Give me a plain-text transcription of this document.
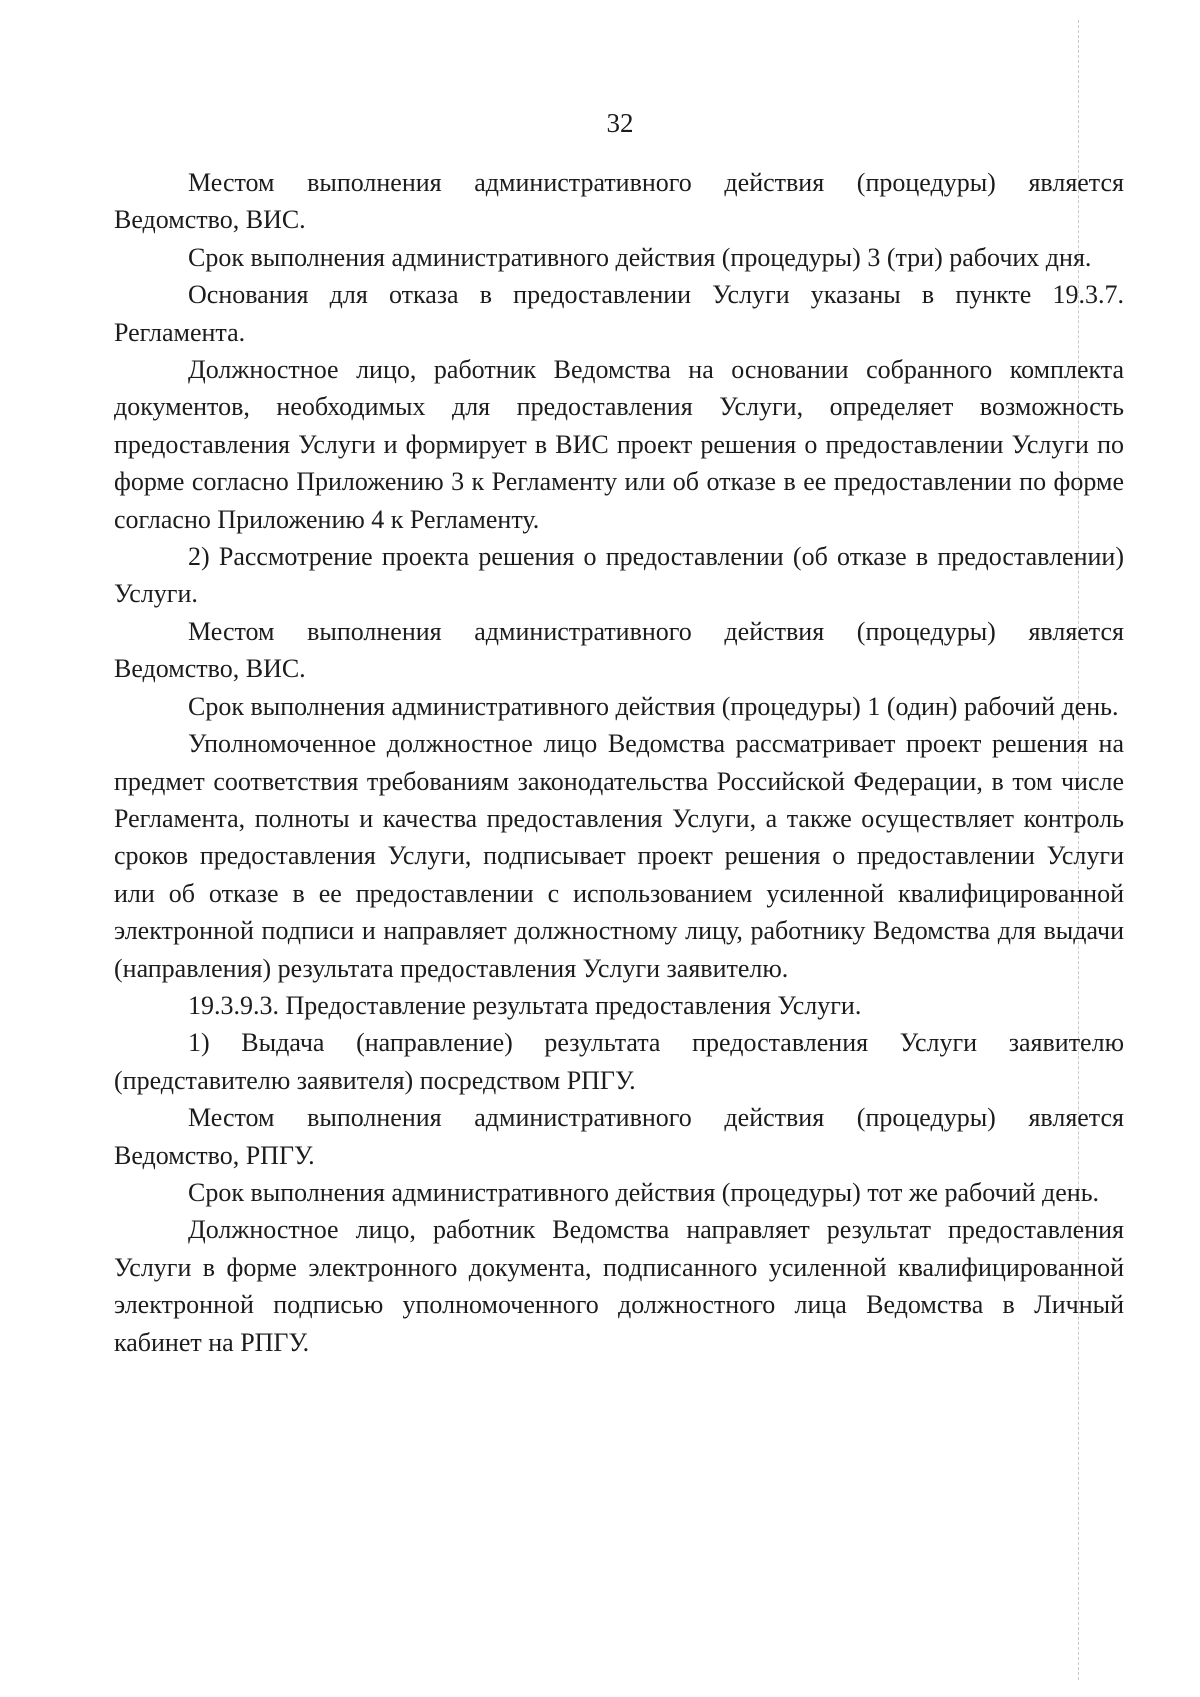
32

Местом выполнения административного действия (процедуры) является Ведомство, ВИС.

Срок выполнения административного действия (процедуры) 3 (три) рабочих дня.

Основания для отказа в предоставлении Услуги указаны в пункте 19.3.7. Регламента.

Должностное лицо, работник Ведомства на основании собранного комплекта документов, необходимых для предоставления Услуги, определяет возможность предоставления Услуги и формирует в ВИС проект решения о предоставлении Услуги по форме согласно Приложению 3 к Регламенту или об отказе в ее предоставлении по форме согласно Приложению 4 к Регламенту.

2) Рассмотрение проекта решения о предоставлении (об отказе в предоставлении) Услуги.

Местом выполнения административного действия (процедуры) является Ведомство, ВИС.

Срок выполнения административного действия (процедуры) 1 (один) рабочий день.

Уполномоченное должностное лицо Ведомства рассматривает проект решения на предмет соответствия требованиям законодательства Российской Федерации, в том числе Регламента, полноты и качества предоставления Услуги, а также осуществляет контроль сроков предоставления Услуги, подписывает проект решения о предоставлении Услуги или об отказе в ее предоставлении с использованием усиленной квалифицированной электронной подписи и направляет должностному лицу, работнику Ведомства для выдачи (направления) результата предоставления Услуги заявителю.

19.3.9.3. Предоставление результата предоставления Услуги.

1) Выдача (направление) результата предоставления Услуги заявителю (представителю заявителя) посредством РПГУ.

Местом выполнения административного действия (процедуры) является Ведомство, РПГУ.

Срок выполнения административного действия (процедуры) тот же рабочий день.

Должностное лицо, работник Ведомства направляет результат предоставления Услуги в форме электронного документа, подписанного усиленной квалифицированной электронной подписью уполномоченного должностного лица Ведомства в Личный кабинет на РПГУ.
